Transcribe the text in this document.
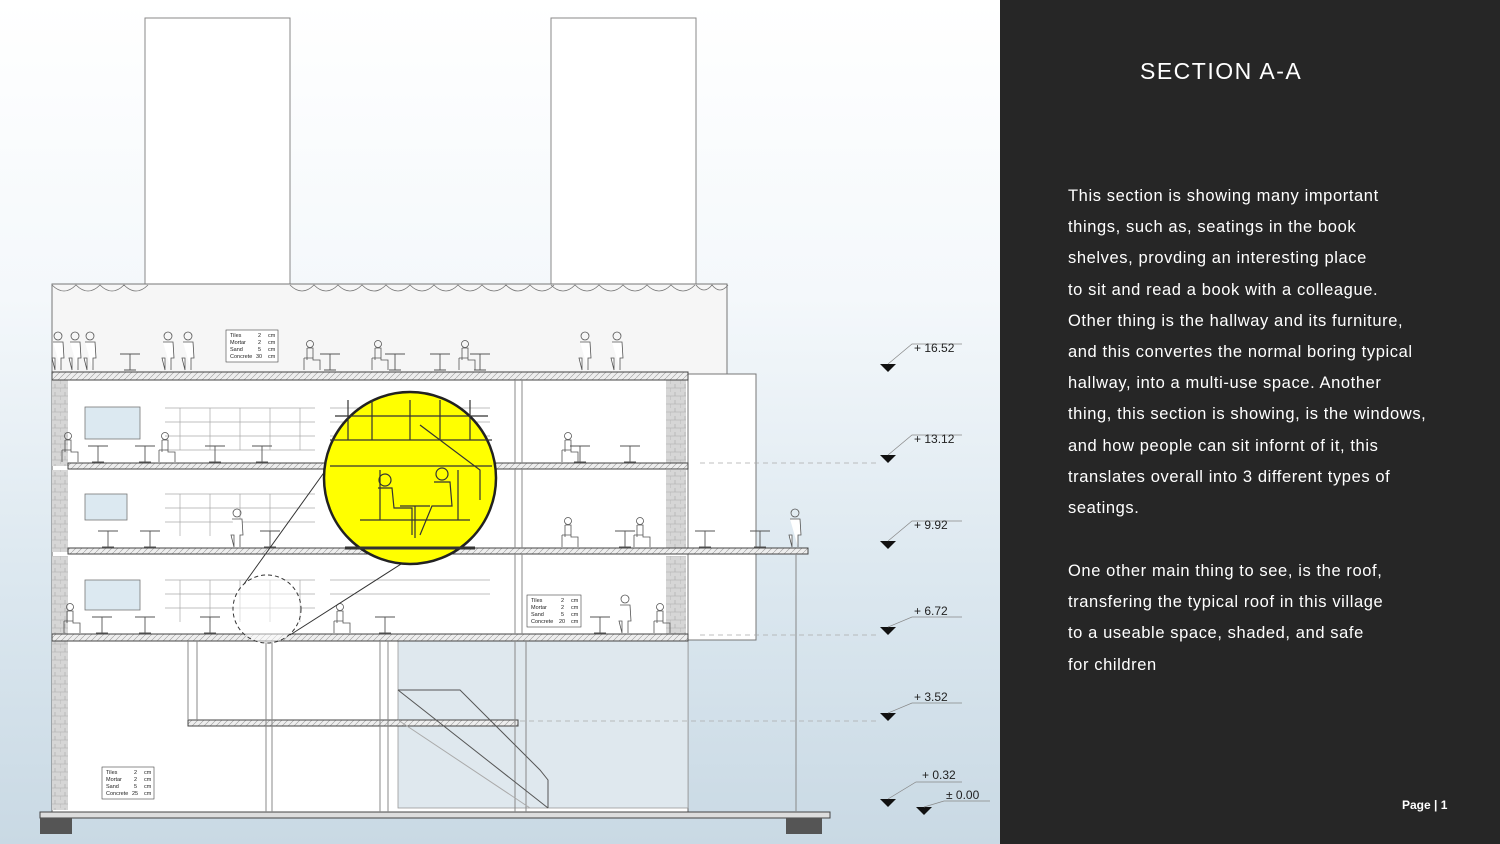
Tiles	2 cm
Mortar 2 cm
Sand	5 cm
Concrete 30 cm
Tiles	2 cm
Mortar	2 cm
Sand	5 cm
Concrete 20 cm
Tiles	2 cm
Mortar 2 cm
Sand	5 cm
Concrete 25 cm
+ 16.52
+ 13.12
+ 9.92
+ 6.72
+ 3.52
+ 0.32
± 0.00
SECTION A-A
This section is showing many important
things, such as, seatings in the book
shelves, provding an interesting place
to sit and read a book with a colleague.
Other thing is the hallway and its furniture,
and this convertes the normal boring typical
hallway, into a multi-use space. Another
thing, this section is showing, is the windows,
and how people can sit infornt of it, this
translates overall into 3 different types of
seatings.
One other main thing to see, is the roof,
transfering the typical roof in this village
to a useable space, shaded, and safe
for children
Page | 1
